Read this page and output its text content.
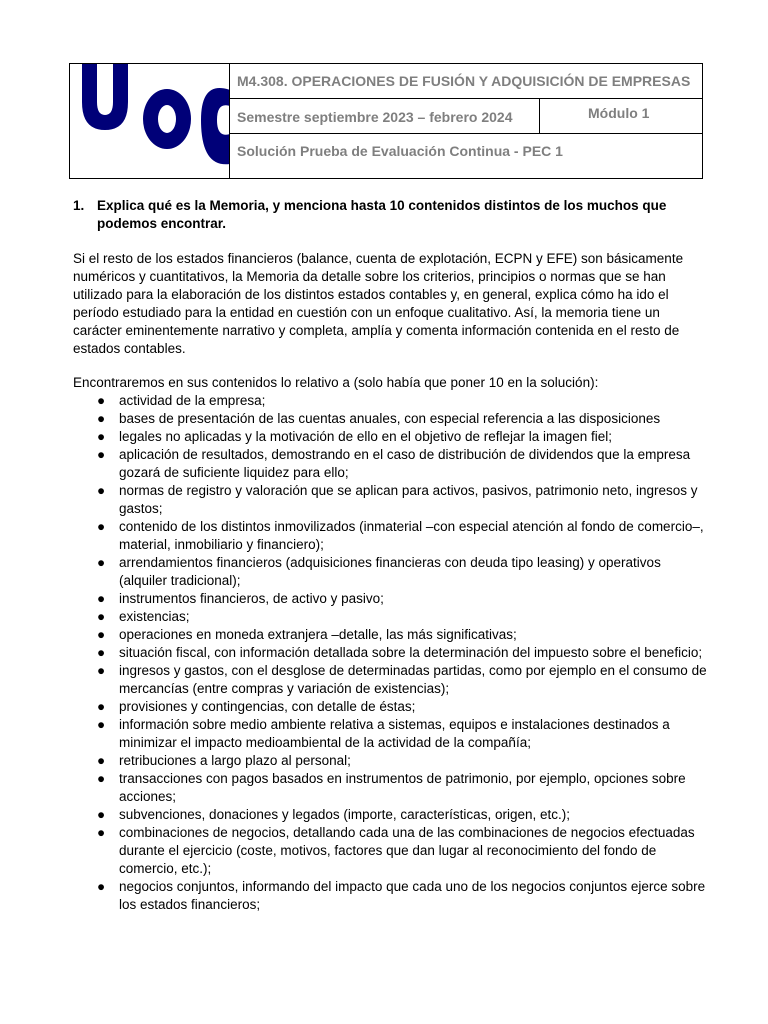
M4.308. OPERACIONES DE FUSIÓN Y ADQUISICIÓN DE EMPRESAS
Semestre septiembre 2023 – febrero 2024	Módulo 1
Solución Prueba de Evaluación Continua - PEC 1

1. Explica qué es la Memoria, y menciona hasta 10 contenidos distintos de los muchos que podemos encontrar.

Si el resto de los estados financieros (balance, cuenta de explotación, ECPN y EFE) son básicamente numéricos y cuantitativos, la Memoria da detalle sobre los criterios, principios o normas que se han utilizado para la elaboración de los distintos estados contables y, en general, explica cómo ha ido el período estudiado para la entidad en cuestión con un enfoque cualitativo. Así, la memoria tiene un carácter eminentemente narrativo y completa, amplía y comenta información contenida en el resto de estados contables.

Encontraremos en sus contenidos lo relativo a (solo había que poner 10 en la solución):

● actividad de la empresa;
● bases de presentación de las cuentas anuales, con especial referencia a las disposiciones
● legales no aplicadas y la motivación de ello en el objetivo de reflejar la imagen fiel;
● aplicación de resultados, demostrando en el caso de distribución de dividendos que la empresa gozará de suficiente liquidez para ello;
● normas de registro y valoración que se aplican para activos, pasivos, patrimonio neto, ingresos y gastos;
● contenido de los distintos inmovilizados (inmaterial –con especial atención al fondo de comercio–, material, inmobiliario y financiero);
● arrendamientos financieros (adquisiciones financieras con deuda tipo leasing) y operativos (alquiler tradicional);
● instrumentos financieros, de activo y pasivo;
● existencias;
● operaciones en moneda extranjera –detalle, las más significativas;
● situación fiscal, con información detallada sobre la determinación del impuesto sobre el beneficio;
● ingresos y gastos, con el desglose de determinadas partidas, como por ejemplo en el consumo de mercancías (entre compras y variación de existencias);
● provisiones y contingencias, con detalle de éstas;
● información sobre medio ambiente relativa a sistemas, equipos e instalaciones destinados a minimizar el impacto medioambiental de la actividad de la compañía;
● retribuciones a largo plazo al personal;
● transacciones con pagos basados en instrumentos de patrimonio, por ejemplo, opciones sobre acciones;
● subvenciones, donaciones y legados (importe, características, origen, etc.);
● combinaciones de negocios, detallando cada una de las combinaciones de negocios efectuadas durante el ejercicio (coste, motivos, factores que dan lugar al reconocimiento del fondo de comercio, etc.);
● negocios conjuntos, informando del impacto que cada uno de los negocios conjuntos ejerce sobre los estados financieros;
